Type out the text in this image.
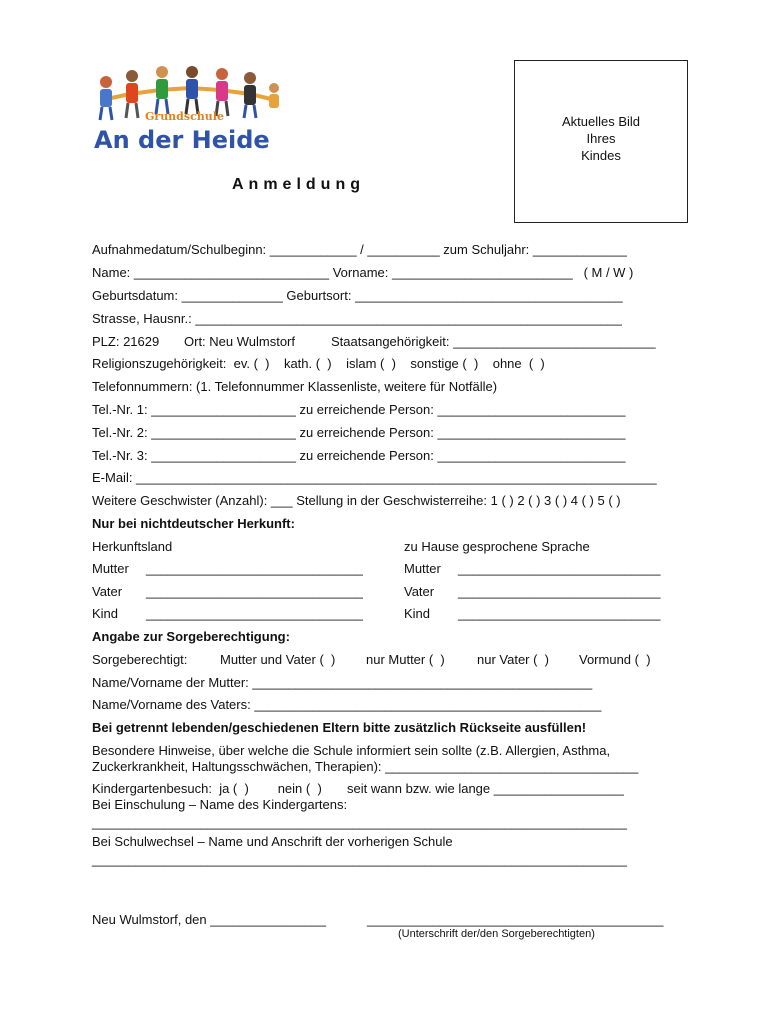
Grundschule
An der Heide
Aktuelles Bild
Ihres
Kindes
Anmeldung
Aufnahmedatum/Schulbeginn: ____________ / __________ zum Schuljahr: _____________
Name: ___________________________ Vorname: _________________________   ( M / W )
Geburtsdatum: ______________ Geburtsort: _____________________________________
Strasse, Hausnr.: ___________________________________________________________
PLZ: 21629 Ort: Neu Wulmstorf	Staatsangehörigkeit: ____________________________
Religionszugehörigkeit:  ev. (  )    kath. (  )    islam (  )    sonstige (  )    ohne  (  )
Telefonnummern: (1. Telefonnummer Klassenliste, weitere für Notfälle)
Tel.-Nr. 1: ____________________ zu erreichende Person: __________________________
Tel.-Nr. 2: ____________________ zu erreichende Person: __________________________
Tel.-Nr. 3: ____________________ zu erreichende Person: __________________________
E-Mail: ________________________________________________________________________
Weitere Geschwister (Anzahl): ___ Stellung in der Geschwisterreihe: 1 ( ) 2 ( ) 3 ( ) 4 ( ) 5 ( )
Nur bei nichtdeutscher Herkunft:
Herkunftsland	zu Hause gesprochene Sprache
Mutter ______________________________	Mutter ____________________________
Vater ______________________________	Vater ____________________________
Kind ______________________________	Kind ____________________________
Angabe zur Sorgeberechtigung:
Sorgeberechtigt:	Mutter und Vater (  ) nur Mutter (  ) nur Vater (  ) Vormund (  )
Name/Vorname der Mutter: _______________________________________________
Name/Vorname des Vaters: ________________________________________________
Bei getrennt lebenden/geschiedenen Eltern bitte zusätzlich Rückseite ausfüllen!
Besondere Hinweise, über welche die Schule informiert sein sollte (z.B. Allergien, Asthma,
Zuckerkrankheit, Haltungsschwächen, Therapien): ___________________________________
Kindergartenbesuch:  ja (  )        nein (  )       seit wann bzw. wie lange __________________
Bei Einschulung – Name des Kindergartens:
__________________________________________________________________________
Bei Schulwechsel – Name und Anschrift der vorherigen Schule
__________________________________________________________________________
Neu Wulmstorf, den ________________	_________________________________________
(Unterschrift der/den Sorgeberechtigten)
